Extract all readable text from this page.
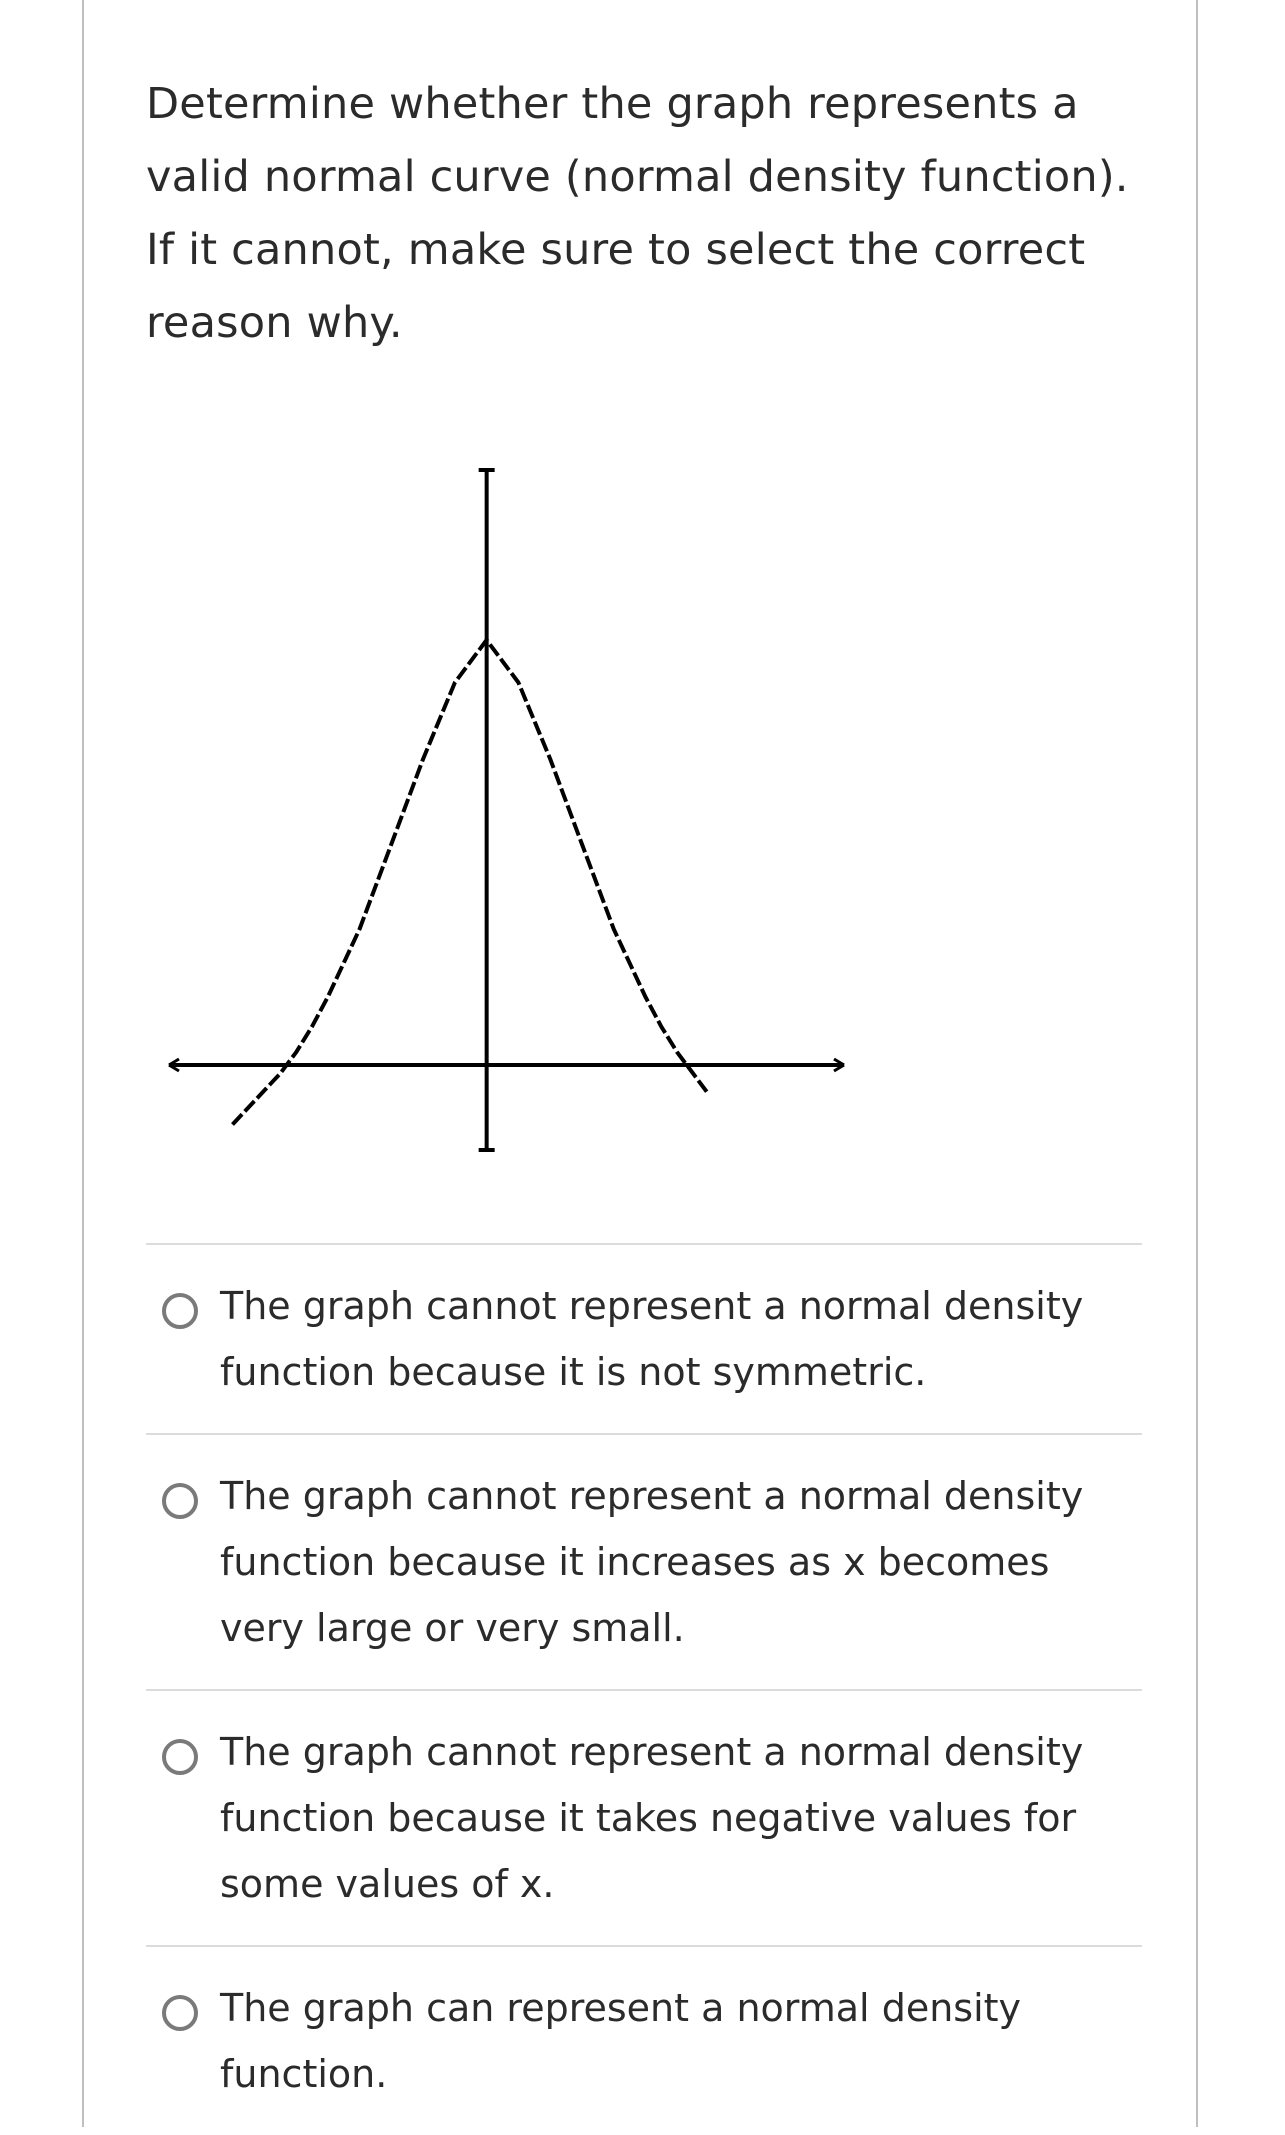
Determine whether the graph represents a valid normal curve (normal density function). If it cannot, make sure to select the correct reason why.
The graph cannot represent a normal density function because it is not symmetric.
The graph cannot represent a normal density function because it increases as x becomes very large or very small.
The graph cannot represent a normal density function because it takes negative values for some values of x.
The graph can represent a normal density function.
